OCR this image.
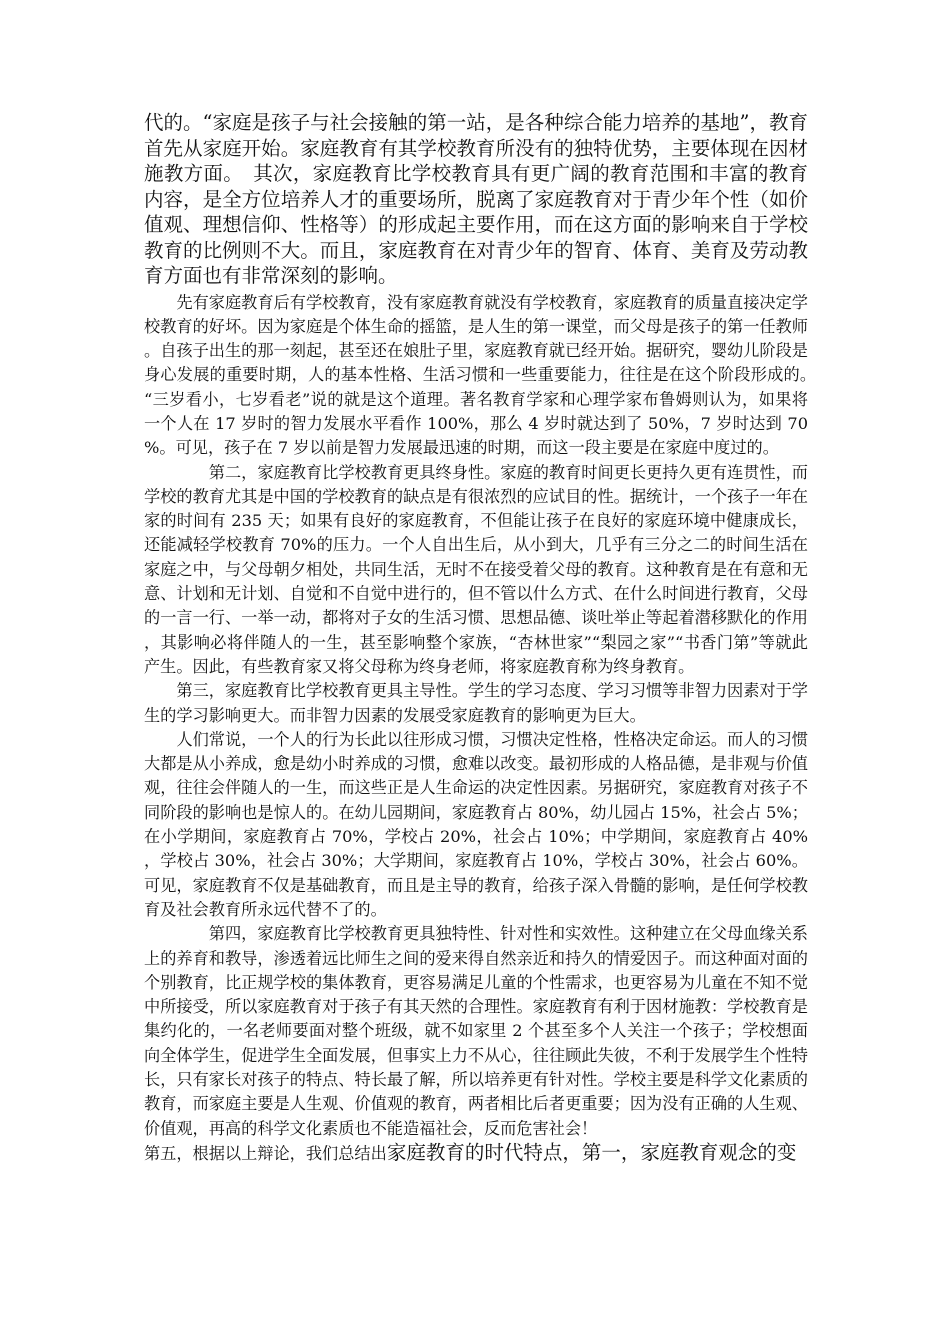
代的。“家庭是孩子与社会接触的第一站，是各种综合能力培养的基地”，教育首先从家庭开始。家庭教育有其学校教育所没有的独特优势，主要体现在因材施教方面。　其次，家庭教育比学校教育具有更广阔的教育范围和丰富的教育内容，是全方位培养人才的重要场所，脱离了家庭教育对于青少年个性（如价值观、理想信仰、性格等）的形成起主要作用，而在这方面的影响来自于学校教育的比例则不大。而且，家庭教育在对青少年的智育、体育、美育及劳动教育方面也有非常深刻的影响。

先有家庭教育后有学校教育，没有家庭教育就没有学校教育，家庭教育的质量直接决定学校教育的好坏。因为家庭是个体生命的摇篮，是人生的第一课堂，而父母是孩子的第一任教师。自孩子出生的那一刻起，甚至还在娘肚子里，家庭教育就已经开始。据研究，婴幼儿阶段是身心发展的重要时期，人的基本性格、生活习惯和一些重要能力，往往是在这个阶段形成的。　“三岁看小，七岁看老”说的就是这个道理。著名教育学家和心理学家布鲁姆则认为，如果将一个人在 17 岁时的智力发展水平看作 100%，那么 4 岁时就达到了 50%，7 岁时达到 70%。可见，孩子在 7 岁以前是智力发展最迅速的时期，而这一段主要是在家庭中度过的。

第二，家庭教育比学校教育更具终身性。家庭的教育时间更长更持久更有连贯性，而学校的教育尤其是中国的学校教育的缺点是有很浓烈的应试目的性。据统计，一个孩子一年在家的时间有 235 天；如果有良好的家庭教育，不但能让孩子在良好的家庭环境中健康成长，还能减轻学校教育 70%的压力。一个人自出生后，从小到大，几乎有三分之二的时间生活在家庭之中，与父母朝夕相处，共同生活，无时不在接受着父母的教育。这种教育是在有意和无意、计划和无计划、自觉和不自觉中进行的，但不管以什么方式、在什么时间进行教育，父母的一言一行、一举一动，都将对子女的生活习惯、思想品德、谈吐举止等起着潜移默化的作用，其影响必将伴随人的一生，甚至影响整个家族，“杏林世家”“梨园之家”“书香门第”等就此产生。因此，有些教育家又将父母称为终身老师，将家庭教育称为终身教育。

第三，家庭教育比学校教育更具主导性。学生的学习态度、学习习惯等非智力因素对于学生的学习影响更大。而非智力因素的发展受家庭教育的影响更为巨大。

人们常说，一个人的行为长此以往形成习惯，习惯决定性格，性格决定命运。而人的习惯大都是从小养成，愈是幼小时养成的习惯，愈难以改变。最初形成的人格品德，是非观与价值观，往往会伴随人的一生，而这些正是人生命运的决定性因素。另据研究，家庭教育对孩子不同阶段的影响也是惊人的。在幼儿园期间，家庭教育占 80%，幼儿园占 15%，社会占 5%；在小学期间，家庭教育占 70%，学校占 20%，社会占 10%；中学期间，家庭教育占 40%，学校占 30%，社会占 30%；大学期间，家庭教育占 10%，学校占 30%，社会占 60%。可见，家庭教育不仅是基础教育，而且是主导的教育，给孩子深入骨髓的影响，是任何学校教育及社会教育所永远代替不了的。

第四，家庭教育比学校教育更具独特性、针对性和实效性。这种建立在父母血缘关系上的养育和教导，渗透着远比师生之间的爱来得自然亲近和持久的情爱因子。而这种面对面的个别教育，比正规学校的集体教育，更容易满足儿童的个性需求，也更容易为儿童在不知不觉中所接受，所以家庭教育对于孩子有其天然的合理性。家庭教育有利于因材施教：学校教育是集约化的，一名老师要面对整个班级，就不如家里 2 个甚至多个人关注一个孩子；学校想面向全体学生，促进学生全面发展，但事实上力不从心，往往顾此失彼，不利于发展学生个性特长，只有家长对孩子的特点、特长最了解，所以培养更有针对性。学校主要是科学文化素质的教育，而家庭主要是人生观、价值观的教育，两者相比后者更重要；因为没有正确的人生观、价值观，再高的科学文化素质也不能造福社会，反而危害社会！

第五，根据以上辩论，我们总结出家庭教育的时代特点，第一，家庭教育观念的变
